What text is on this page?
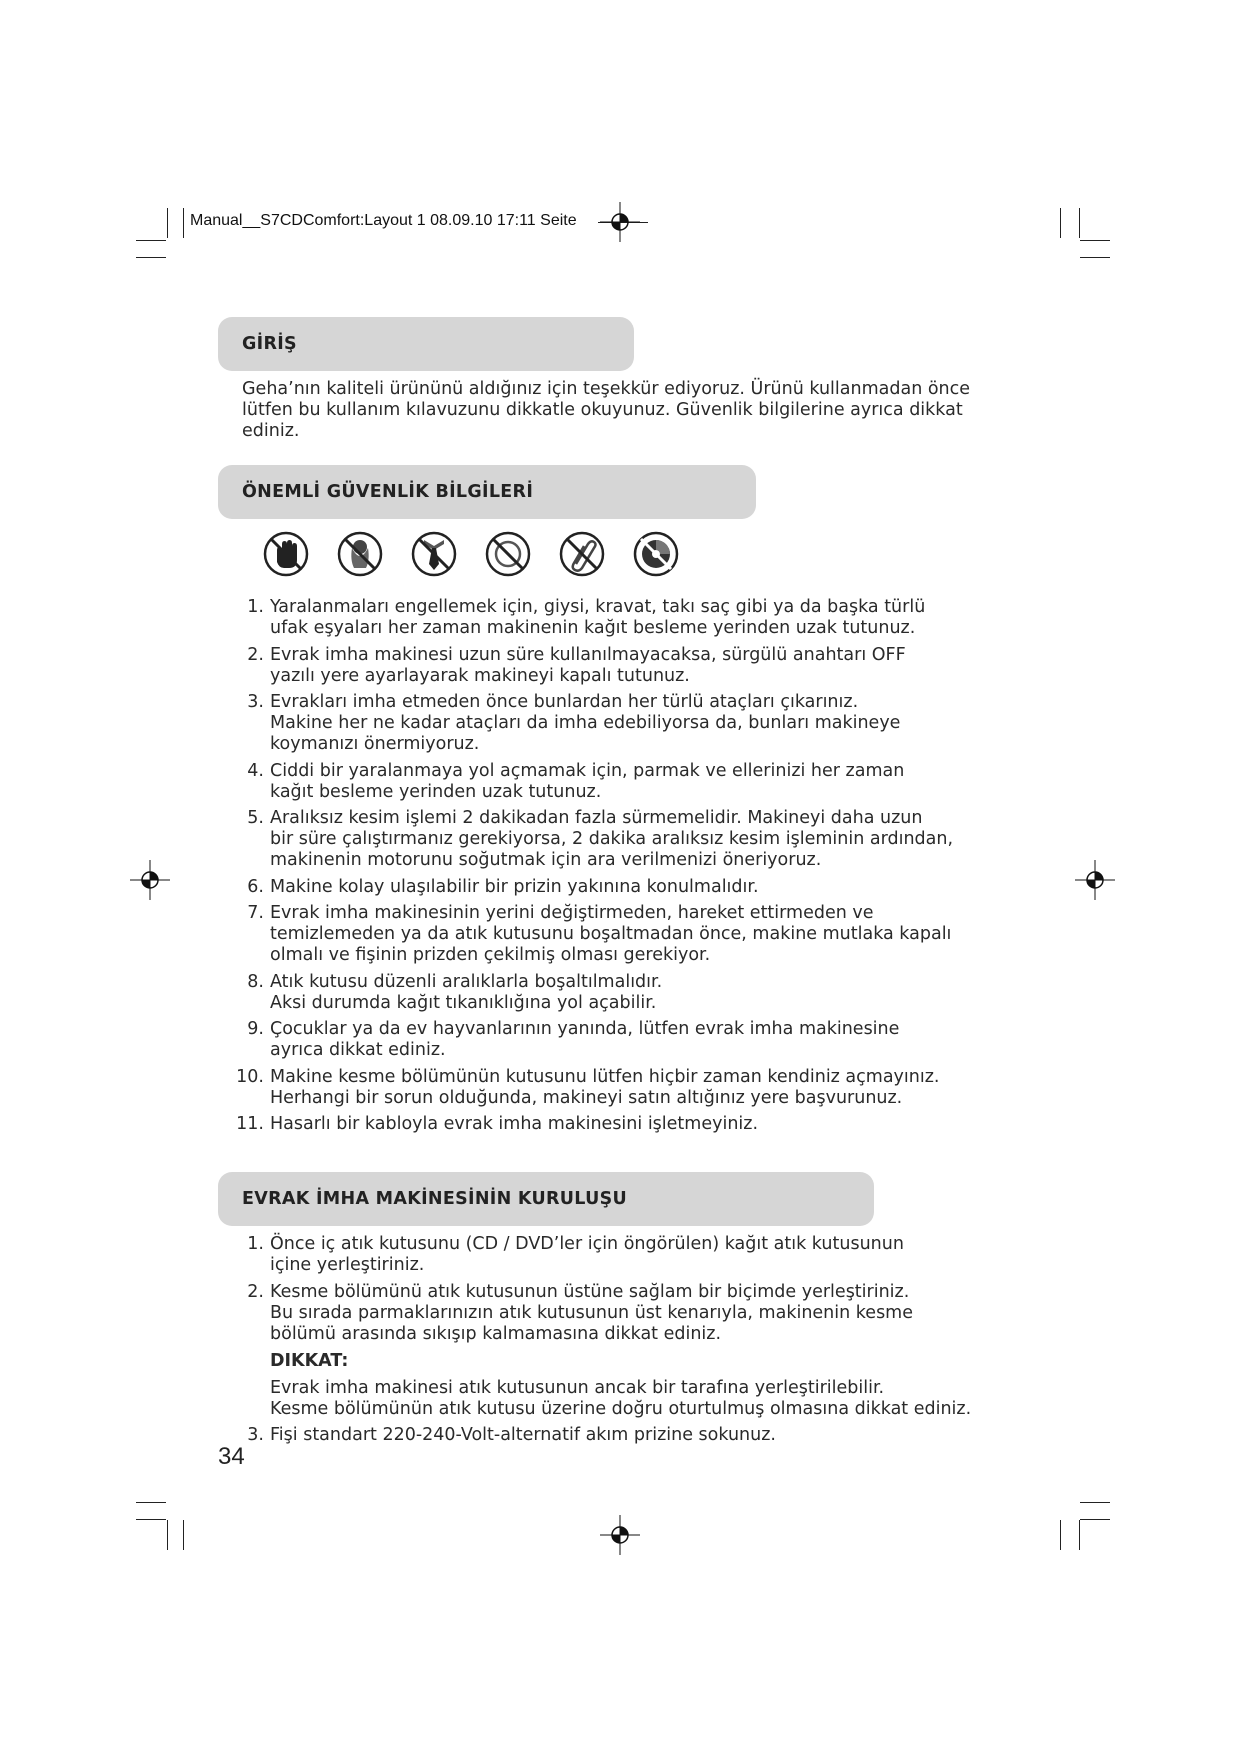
Manual__S7CDComfort:Layout 1 08.09.10 17:11 Seite
GİRİŞ
Geha’nın kaliteli ürününü aldığınız için teşekkür ediyoruz. Ürünü kullanmadan önce lütfen bu kullanım kılavuzunu dikkatle okuyunuz. Güvenlik bilgilerine ayrıca dikkat ediniz.
ÖNEMLİ GÜVENLİK BİLGİLERİ
1. Yaralanmaları engellemek için, giysi, kravat, takı saç gibi ya da başka türlü
ufak eşyaları her zaman makinenin kağıt besleme yerinden uzak tutunuz.
2. Evrak imha makinesi uzun süre kullanılmayacaksa, sürgülü anahtarı OFF
yazılı yere ayarlayarak makineyi kapalı tutunuz.
3. Evrakları imha etmeden önce bunlardan her türlü ataçları çıkarınız.
Makine her ne kadar ataçları da imha edebiliyorsa da, bunları makineye
koymanızı önermiyoruz.
4. Ciddi bir yaralanmaya yol açmamak için, parmak ve ellerinizi her zaman
kağıt besleme yerinden uzak tutunuz.
5. Aralıksız kesim işlemi 2 dakikadan fazla sürmemelidir. Makineyi daha uzun
bir süre çalıştırmanız gerekiyorsa, 2 dakika aralıksız kesim işleminin ardından,
makinenin motorunu soğutmak için ara verilmenizi öneriyoruz.
6. Makine kolay ulaşılabilir bir prizin yakınına konulmalıdır.
7. Evrak imha makinesinin yerini değiştirmeden, hareket ettirmeden ve
temizlemeden ya da atık kutusunu boşaltmadan önce, makine mutlaka kapalı
olmalı ve fişinin prizden çekilmiş olması gerekiyor.
8. Atık kutusu düzenli aralıklarla boşaltılmalıdır.
Aksi durumda kağıt tıkanıklığına yol açabilir.
9. Çocuklar ya da ev hayvanlarının yanında, lütfen evrak imha makinesine
ayrıca dikkat ediniz.
10. Makine kesme bölümünün kutusunu lütfen hiçbir zaman kendiniz açmayınız.
Herhangi bir sorun olduğunda, makineyi satın altığınız yere başvurunuz.
11. Hasarlı bir kabloyla evrak imha makinesini işletmeyiniz.
EVRAK İMHA MAKİNESİNİN KURULUŞU
1. Önce iç atık kutusunu (CD / DVD’ler için öngörülen) kağıt atık kutusunun
içine yerleştiriniz.
2. Kesme bölümünü atık kutusunun üstüne sağlam bir biçimde yerleştiriniz.
Bu sırada parmaklarınızın atık kutusunun üst kenarıyla, makinenin kesme
bölümü arasında sıkışıp kalmamasına dikkat ediniz.
DIKKAT:
Evrak imha makinesi atık kutusunun ancak bir tarafına yerleştirilebilir.
Kesme bölümünün atık kutusu üzerine doğru oturtulmuş olmasına dikkat ediniz.
3. Fişi standart 220-240-Volt-alternatif akım prizine sokunuz.
34
